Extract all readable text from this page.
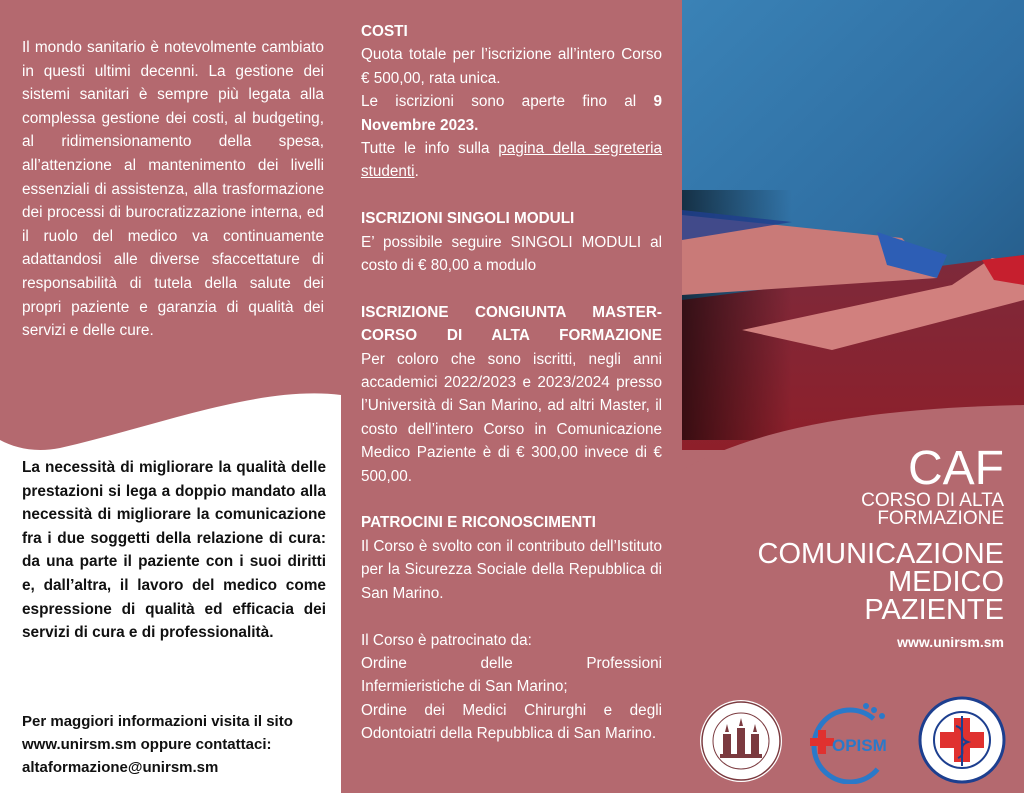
Il mondo sanitario è notevolmente cambiato in questi ultimi decenni. La gestione dei sistemi sanitari è sempre più legata alla complessa gestione dei costi, al budgeting, al ridimensionamento della spesa, all’attenzione al mantenimento dei livelli essenziali di assistenza, alla trasformazione dei processi di burocratizzazione interna, ed il ruolo del medico va continuamente adattandosi alle diverse sfaccettature di responsabilità di tutela della salute dei propri paziente e garanzia di qualità dei servizi e delle cure.
La necessità di migliorare la qualità delle prestazioni si lega a doppio mandato alla necessità di migliorare la comunicazione fra i due soggetti della relazione di cura: da una parte il paziente con i suoi diritti e, dall’altra, il lavoro del medico come espressione di qualità ed efficacia dei servizi di cura e di professionalità.

Per maggiori informazioni visita il sito

www.unirsm.sm oppure contattaci:

altaformazione@unirsm.sm

COSTI

Quota totale per l’iscrizione all’intero Corso € 500,00, rata unica.

Le iscrizioni sono aperte fino al 9 Novembre 2023.

Tutte le info sulla pagina della segreteria studenti.

ISCRIZIONI SINGOLI MODULI

E’ possibile seguire SINGOLI MODULI al costo di € 80,00 a modulo

ISCRIZIONE CONGIUNTA MASTER-CORSO DI ALTA FORMAZIONE

Per coloro che sono iscritti, negli anni accademici 2022/2023 e 2023/2024 presso l’Università di San Marino, ad altri Master, il costo dell’intero Corso in Comunicazione Medico Paziente è di € 300,00 invece di € 500,00.

PATROCINI E RICONOSCIMENTI

Il Corso è svolto con il contributo dell’Istituto per la Sicurezza Sociale della Repubblica di San Marino.

Il Corso è patrocinato da:

Ordine delle Professioni

Infermieristiche di San Marino;

Ordine dei Medici Chirurghi e degli Odontoiatri della Repubblica di San Marino.

CAF
CORSO DI ALTA
FORMAZIONE
COMUNICAZIONE
MEDICO
PAZIENTE
www.unirsm.sm
OPISM
